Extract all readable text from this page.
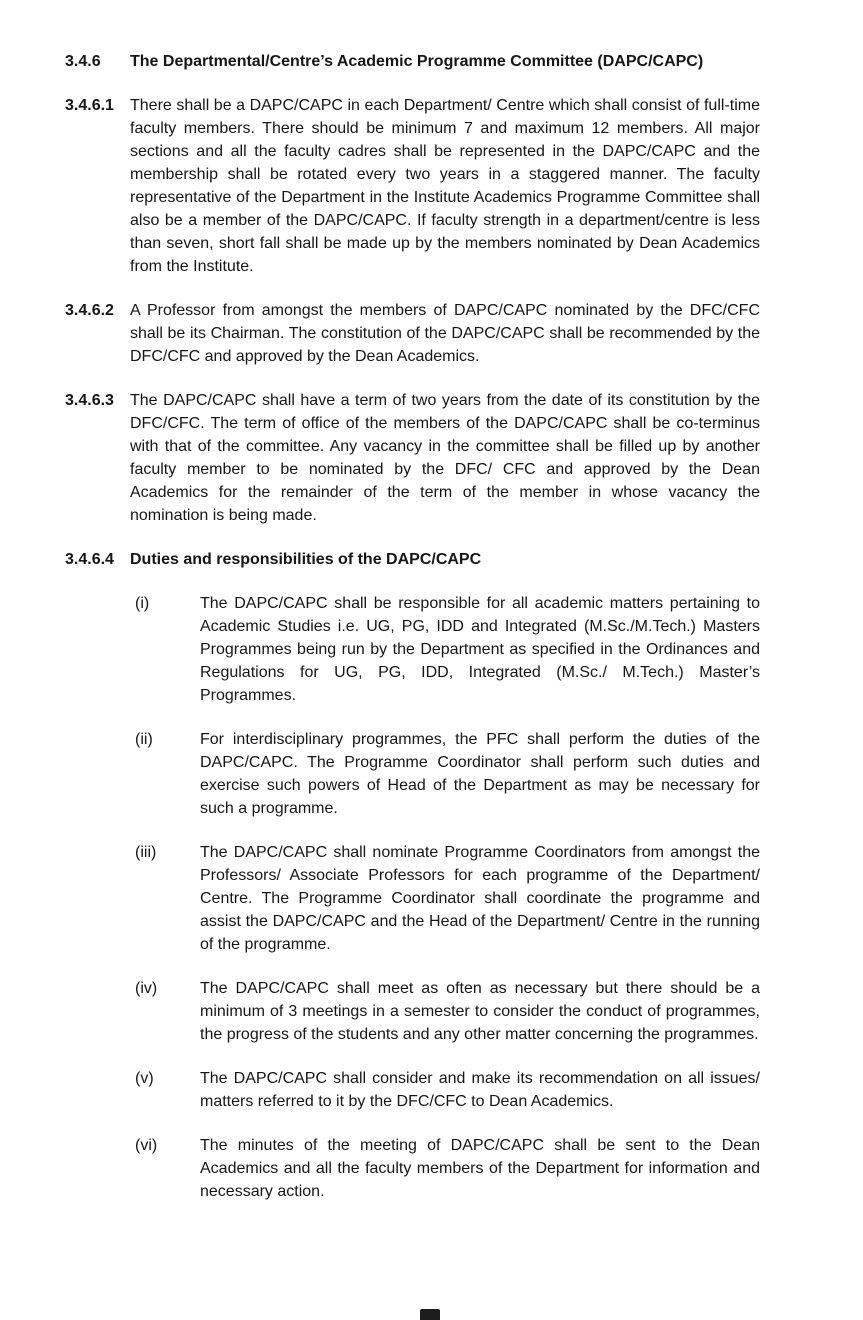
3.4.6	The Departmental/Centre’s Academic Programme Committee (DAPC/CAPC)
3.4.6.1	There shall be a DAPC/CAPC in each Department/ Centre which shall consist of full-time faculty members. There should be minimum 7 and maximum 12 members. All major sections and all the faculty cadres shall be represented in the DAPC/CAPC and the membership shall be rotated every two years in a staggered manner. The faculty representative of the Department in the Institute Academics Programme Committee shall also be a member of the DAPC/CAPC. If faculty strength in a department/centre is less than seven, short fall shall be made up by the members nominated by Dean Academics from the Institute.
3.4.6.2	A Professor from amongst the members of DAPC/CAPC nominated by the DFC/CFC shall be its Chairman. The constitution of the DAPC/CAPC shall be recommended by the DFC/CFC and approved by the Dean Academics.
3.4.6.3	The DAPC/CAPC shall have a term of two years from the date of its constitution by the DFC/CFC. The term of office of the members of the DAPC/CAPC shall be co-terminus with that of the committee. Any vacancy in the committee shall be filled up by another faculty member to be nominated by the DFC/ CFC and approved by the Dean Academics for the remainder of the term of the member in whose vacancy the nomination is being made.
3.4.6.4	Duties and responsibilities of the DAPC/CAPC
(i)	The DAPC/CAPC shall be responsible for all academic matters pertaining to Academic Studies i.e. UG, PG, IDD and Integrated (M.Sc./M.Tech.) Masters Programmes being run by the Department as specified in the Ordinances and Regulations for UG, PG, IDD, Integrated (M.Sc./ M.Tech.) Master’s Programmes.
(ii)	For interdisciplinary programmes, the PFC shall perform the duties of the DAPC/CAPC. The Programme Coordinator shall perform such duties and exercise such powers of Head of the Department as may be necessary for such a programme.
(iii)	The DAPC/CAPC shall nominate Programme Coordinators from amongst the Professors/ Associate Professors for each programme of the Department/ Centre. The Programme Coordinator shall coordinate the programme and assist the DAPC/CAPC and the Head of the Department/ Centre in the running of the programme.
(iv)	The DAPC/CAPC shall meet as often as necessary but there should be a minimum of 3 meetings in a semester to consider the conduct of programmes, the progress of the students and any other matter concerning the programmes.
(v)	The DAPC/CAPC shall consider and make its recommendation on all issues/ matters referred to it by the DFC/CFC to Dean Academics.
(vi)	The minutes of the meeting of DAPC/CAPC shall be sent to the Dean Academics and all the faculty members of the Department for information and necessary action.
